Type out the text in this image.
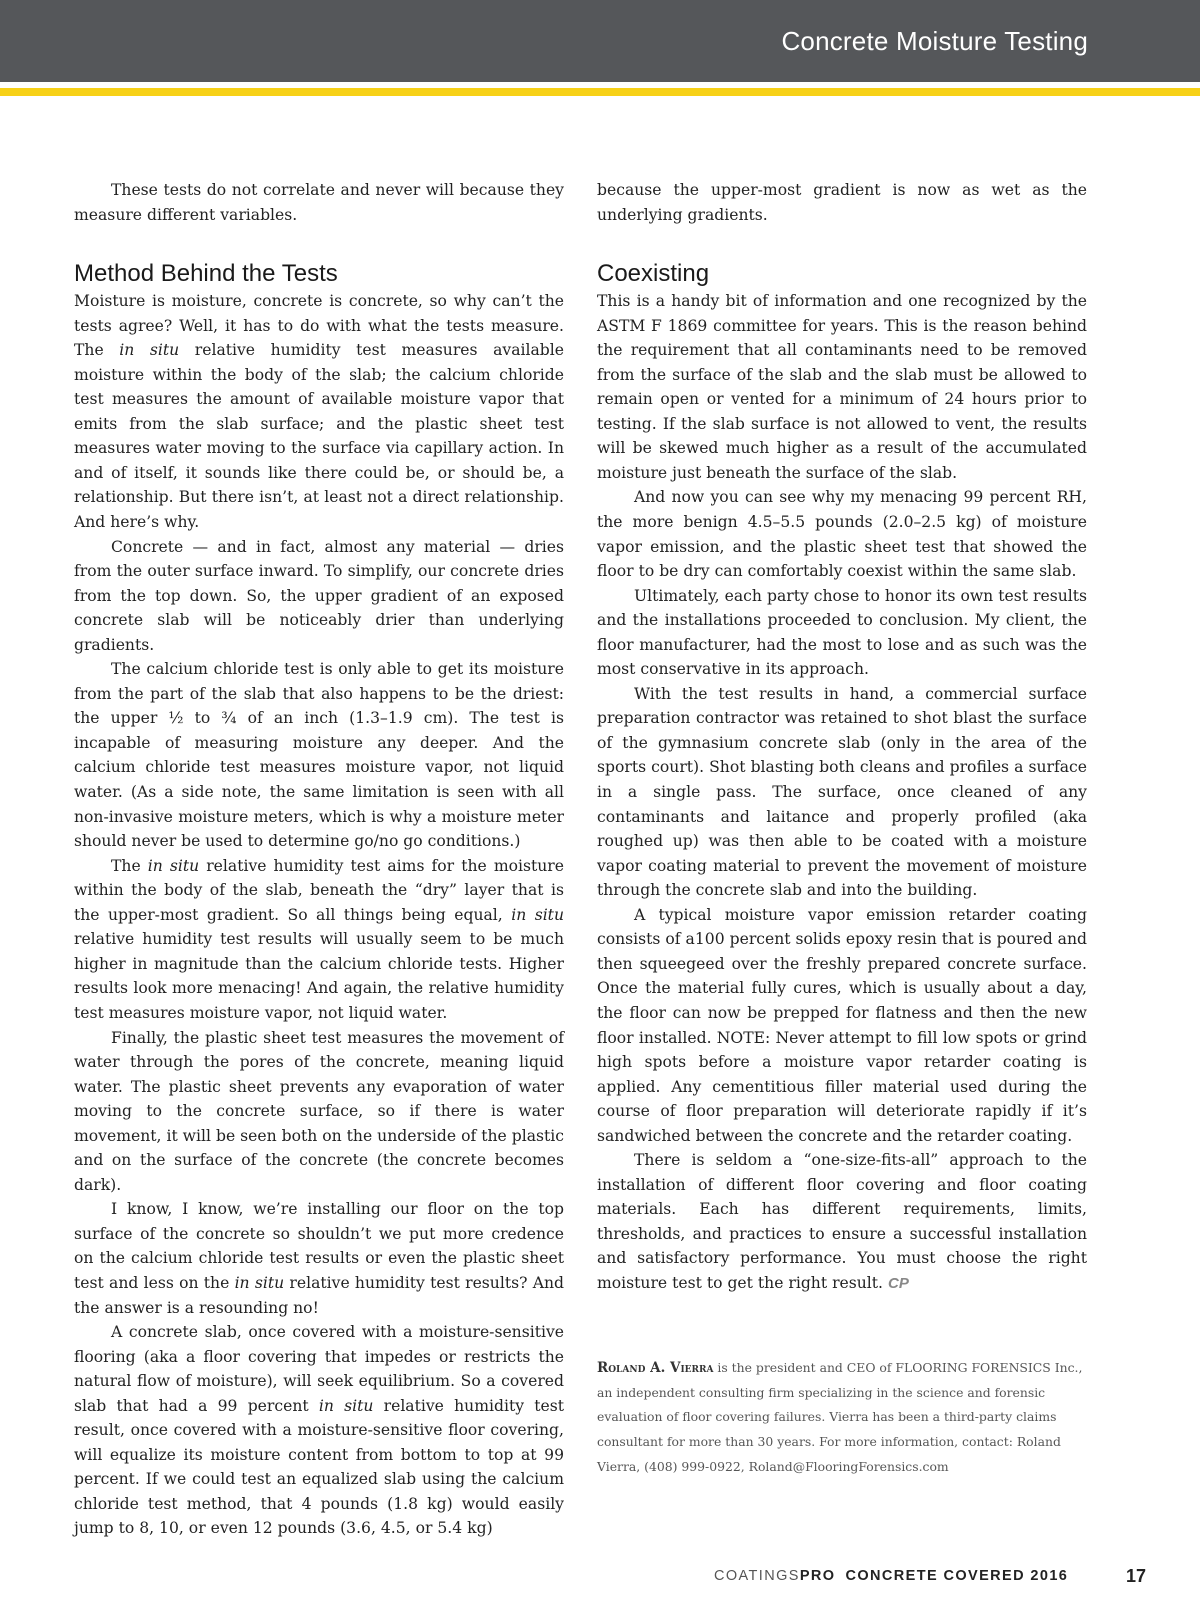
Concrete Moisture Testing

These tests do not correlate and never will because they measure different variables.

Method Behind the Tests

Moisture is moisture, concrete is concrete, so why can’t the tests agree? Well, it has to do with what the tests measure. The in situ relative humidity test measures available moisture within the body of the slab; the calcium chloride test measures the amount of available moisture vapor that emits from the slab surface; and the plastic sheet test measures water moving to the surface via capillary action. In and of itself, it sounds like there could be, or should be, a relationship. But there isn’t, at least not a direct relationship. And here’s why.

Concrete — and in fact, almost any material — dries from the outer surface inward. To simplify, our concrete dries from the top down. So, the upper gradient of an exposed concrete slab will be noticeably drier than underlying gradients.

The calcium chloride test is only able to get its moisture from the part of the slab that also happens to be the driest: the upper ½ to ¾ of an inch (1.3–1.9 cm). The test is incapable of measuring moisture any deeper. And the calcium chloride test measures moisture vapor, not liquid water. (As a side note, the same limitation is seen with all non-invasive moisture meters, which is why a moisture meter should never be used to determine go/no go conditions.)

The in situ relative humidity test aims for the moisture within the body of the slab, beneath the “dry” layer that is the upper-most gradient. So all things being equal, in situ relative humidity test results will usually seem to be much higher in magnitude than the calcium chloride tests. Higher results look more menacing! And again, the relative humidity test measures moisture vapor, not liquid water.

Finally, the plastic sheet test measures the movement of water through the pores of the concrete, meaning liquid water. The plastic sheet prevents any evaporation of water moving to the concrete surface, so if there is water movement, it will be seen both on the underside of the plastic and on the surface of the concrete (the concrete becomes dark).

I know, I know, we’re installing our floor on the top surface of the concrete so shouldn’t we put more credence on the calcium chloride test results or even the plastic sheet test and less on the in situ relative humidity test results? And the answer is a resounding no!

A concrete slab, once covered with a moisture-sensitive flooring (aka a floor covering that impedes or restricts the natural flow of moisture), will seek equilibrium. So a covered slab that had a 99 percent in situ relative humidity test result, once covered with a moisture-sensitive floor covering, will equalize its moisture content from bottom to top at 99 percent. If we could test an equalized slab using the calcium chloride test method, that 4 pounds (1.8 kg) would easily jump to 8, 10, or even 12 pounds (3.6, 4.5, or 5.4 kg)

because the upper-most gradient is now as wet as the underlying gradients.

Coexisting

This is a handy bit of information and one recognized by the ASTM F 1869 committee for years. This is the reason behind the requirement that all contaminants need to be removed from the surface of the slab and the slab must be allowed to remain open or vented for a minimum of 24 hours prior to testing. If the slab surface is not allowed to vent, the results will be skewed much higher as a result of the accumulated moisture just beneath the surface of the slab.

And now you can see why my menacing 99 percent RH, the more benign 4.5–5.5 pounds (2.0–2.5 kg) of moisture vapor emission, and the plastic sheet test that showed the floor to be dry can comfortably coexist within the same slab.

Ultimately, each party chose to honor its own test results and the installations proceeded to conclusion. My client, the floor manufacturer, had the most to lose and as such was the most conservative in its approach.

With the test results in hand, a commercial surface preparation contractor was retained to shot blast the surface of the gymnasium concrete slab (only in the area of the sports court). Shot blasting both cleans and profiles a surface in a single pass. The surface, once cleaned of any contaminants and laitance and properly profiled (aka roughed up) was then able to be coated with a moisture vapor coating material to prevent the movement of moisture through the concrete slab and into the building.

A typical moisture vapor emission retarder coating consists of a100 percent solids epoxy resin that is poured and then squeegeed over the freshly prepared concrete surface. Once the material fully cures, which is usually about a day, the floor can now be prepped for flatness and then the new floor installed. NOTE: Never attempt to fill low spots or grind high spots before a moisture vapor retarder coating is applied. Any cementitious filler material used during the course of floor preparation will deteriorate rapidly if it’s sandwiched between the concrete and the retarder coating.

There is seldom a “one-size-fits-all” approach to the installation of different floor covering and floor coating materials. Each has different requirements, limits, thresholds, and practices to ensure a successful installation and satisfactory performance. You must choose the right moisture test to get the right result. CP

Roland A. Vierra is the president and CEO of FLOORING FORENSICS Inc., an independent consulting firm specializing in the science and forensic evaluation of floor covering failures. Vierra has been a third-party claims consultant for more than 30 years. For more information, contact: Roland Vierra, (408) 999-0922, Roland@FlooringForensics.com
COATINGSPRO CONCRETE COVERED 2016	17
